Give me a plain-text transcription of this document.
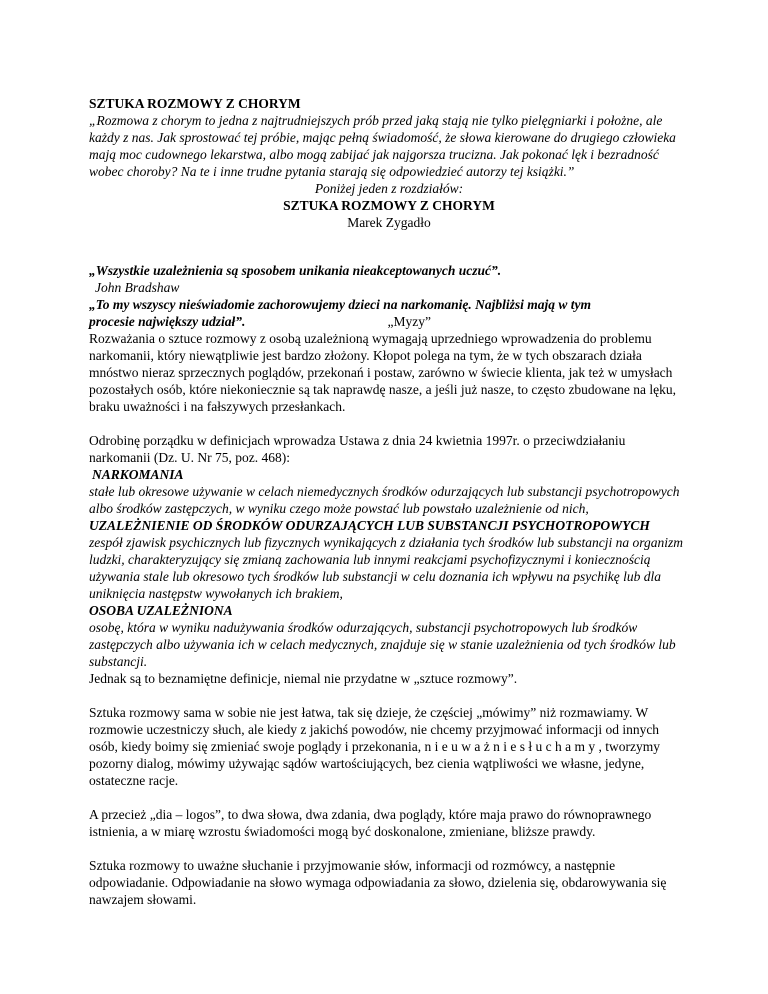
SZTUKA ROZMOWY Z CHORYM

„Rozmowa z chorym to jedna z najtrudniejszych prób przed jaką stają nie tylko pielęgniarki i położne, ale każdy z nas. Jak sprostować tej próbie, mając pełną świadomość, że słowa kierowane do drugiego człowieka mają moc cudownego lekarstwa, albo mogą zabijać jak najgorsza trucizna. Jak pokonać lęk i bezradność wobec choroby? Na te i inne trudne pytania starają się odpowiedzieć autorzy tej książki.”

Poniżej jeden z rozdziałów:

SZTUKA ROZMOWY Z CHORYM

Marek Zygadło

„Wszystkie uzależnienia są sposobem unikania nieakceptowanych uczuć”.

John Bradshaw

„To my wszyscy nieświadomie zachorowujemy dzieci na narkomanię. Najbliżsi mają w tym

procesie największy udział”.	„Myzy”

Rozważania o sztuce rozmowy z osobą uzależnioną wymagają uprzedniego wprowadzenia do problemu narkomanii, który niewątpliwie jest bardzo złożony. Kłopot polega na tym, że w tych obszarach działa mnóstwo nieraz sprzecznych poglądów, przekonań i postaw, zarówno w świecie klienta, jak też w umysłach pozostałych osób, które niekoniecznie są tak naprawdę nasze, a jeśli już nasze, to często zbudowane na lęku, braku uważności i na fałszywych przesłankach.

Odrobinę porządku w definicjach wprowadza Ustawa z dnia 24 kwietnia 1997r. o przeciwdziałaniu narkomanii (Dz. U. Nr 75, poz. 468):

NARKOMANIA

stałe lub okresowe używanie w celach niemedycznych środków odurzających lub substancji psychotropowych albo środków zastępczych, w wyniku czego może powstać lub powstało uzależnienie od nich,

UZALEŻNIENIE OD ŚRODKÓW ODURZAJĄCYCH LUB SUBSTANCJI PSYCHOTROPOWYCH

zespół zjawisk psychicznych lub fizycznych wynikających z działania tych środków lub substancji na organizm ludzki, charakteryzujący się zmianą zachowania lub innymi reakcjami psychofizycznymi i koniecznością używania stale lub okresowo tych środków lub substancji w celu doznania ich wpływu na psychikę lub dla uniknięcia następstw wywołanych ich brakiem,

OSOBA UZALEŻNIONA

osobę, która w wyniku nadużywania środków odurzających, substancji psychotropowych lub środków zastępczych albo używania ich w celach medycznych, znajduje się w stanie uzależnienia od tych środków lub substancji.

Jednak są to beznamiętne definicje, niemal nie przydatne w „sztuce rozmowy”.

Sztuka rozmowy sama w sobie nie jest łatwa, tak się dzieje, że częściej „mówimy” niż rozmawiamy. W rozmowie uczestniczy słuch, ale kiedy z jakichś powodów, nie chcemy przyjmować informacji od innych osób, kiedy boimy się zmieniać swoje poglądy i przekonania, n i e u w a ż n i e s ł u c h a m y , tworzymy pozorny dialog, mówimy używając sądów wartościujących, bez cienia wątpliwości we własne, jedyne, ostateczne racje.

A przecież „dia – logos”, to dwa słowa, dwa zdania, dwa poglądy, które maja prawo do równoprawnego istnienia, a w miarę wzrostu świadomości mogą być doskonalone, zmieniane, bliższe prawdy.

Sztuka rozmowy to uważne słuchanie i przyjmowanie słów, informacji od rozmówcy, a następnie odpowiadanie. Odpowiadanie na słowo wymaga odpowiadania za słowo, dzielenia się, obdarowywania się nawzajem słowami.
